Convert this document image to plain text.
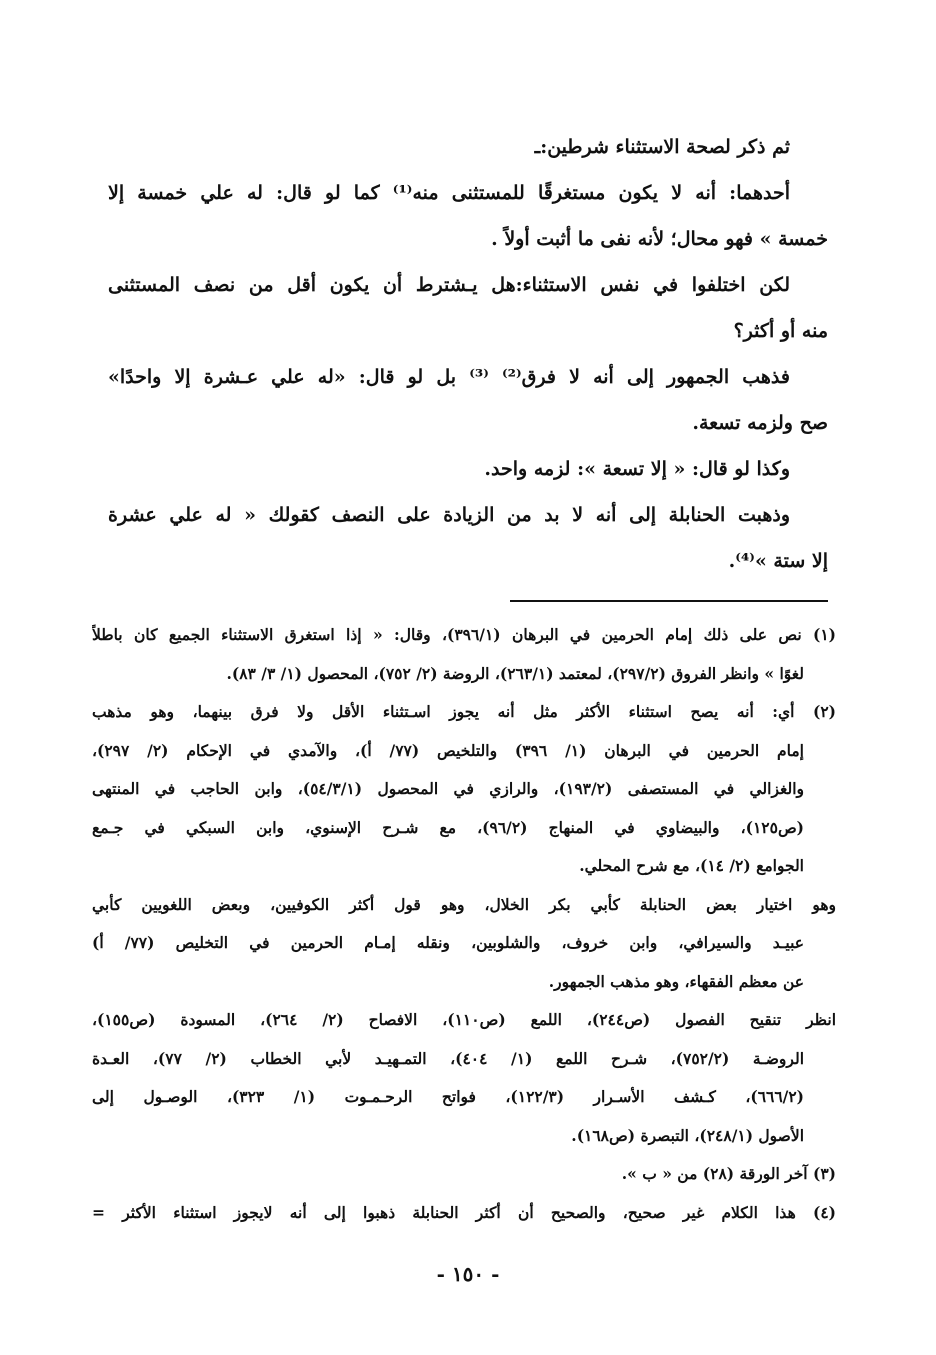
ثم ذكر لصحة الاستثناء شرطين:ـ
أحدهما: أنه لا يكون مستغرقًا للمستثنى منه⁽¹⁾ كما لو قال: له علي خمسة إلا
خمسة » فهو محال؛ لأنه نفى ما أثبت أولاً .
لكن اختلفوا في نفس الاستثناء:هل يـشترط أن يكون أقل من نصف المستثنى
منه أو أكثر؟
فذهب الجمهور إلى أنه لا فرق⁽²⁾ ⁽³⁾ بل لو قال: «له علي عـشرة إلا واحدًا»
صح ولزمه تسعة.
وكذا لو قال: « إلا تسعة »: لزمه واحد.
وذهبت الحنابلة إلى أنه لا بد من الزيادة على النصف كقولك « له علي عشرة
إلا ستة »⁽⁴⁾.
(١) نص على ذلك إمام الحرمين في البرهان (٣٩٦/١)، وقال: « إذا استغرق الاستثناء الجميع كان باطلاً
لغوًا » وانظر الفروق (٢٩٧/٢)، لمعتمد (٢٦٣/١)، الروضة (٢/ ٧٥٢)، المحصول (١/ ٣/ ٨٣).
(٢) أي: أنه يصح استثناء الأكثر مثل أنه يجوز اسـتثناء الأقل ولا فرق بينهما، وهو مذهب
إمام الحرمين في البرهان (١/ ٣٩٦) والتلخيص (٧٧/ أ)، والآمدي في الإحكام (٢/ ٢٩٧)،
والغزالي في المستصفى (١٩٣/٢)، والرازي في المحصول (٥٤/٣/١)، وابن الحاجب في المنتهى
(ص١٢٥)، والبيضاوي في المنهاج (٩٦/٢)، مع شـرح الإسنوي، وابن السبكي في جـمع
الجوامع (٢/ ١٤)، مع شرح المحلي.
وهو اختيار بعض الحنابلة كأبي بكر الخلال، وهو قول أكثر الكوفيين، وبعض اللغويين كأبي
عبيـد والسيرافي، وابن خروف، والشلوبين، ونقله إمـام الحرمين في التخليص (٧٧/ أ)
عن معظم الفقهاء، وهو مذهب الجمهور.
انظر تنقيح الفصول (ص٢٤٤)، اللمع (ص١١٠)، الافصاح (٢/ ٢٦٤)، المسودة (ص١٥٥)،
الروضـة (٧٥٢/٢)، شـرح اللمع (١/ ٤٠٤)، التمـهيـد لأبي الخطاب (٢/ ٧٧)، العـدة
(٦٦٦/٢)، كـشف الأسـرار (١٢٢/٣)، فواتح الرحـمـوت (١/ ٣٢٣)، الوصـول إلى
الأصول (٢٤٨/١)، التبصرة (ص١٦٨).
(٣) آخر الورقة (٢٨) من « ب ».
(٤) هذا الكلام غير صحيح، والصحيح أن أكثر الحنابلة ذهبوا إلى أنه لايجوز استثناء الأكثر =
- ١٥٠ -
